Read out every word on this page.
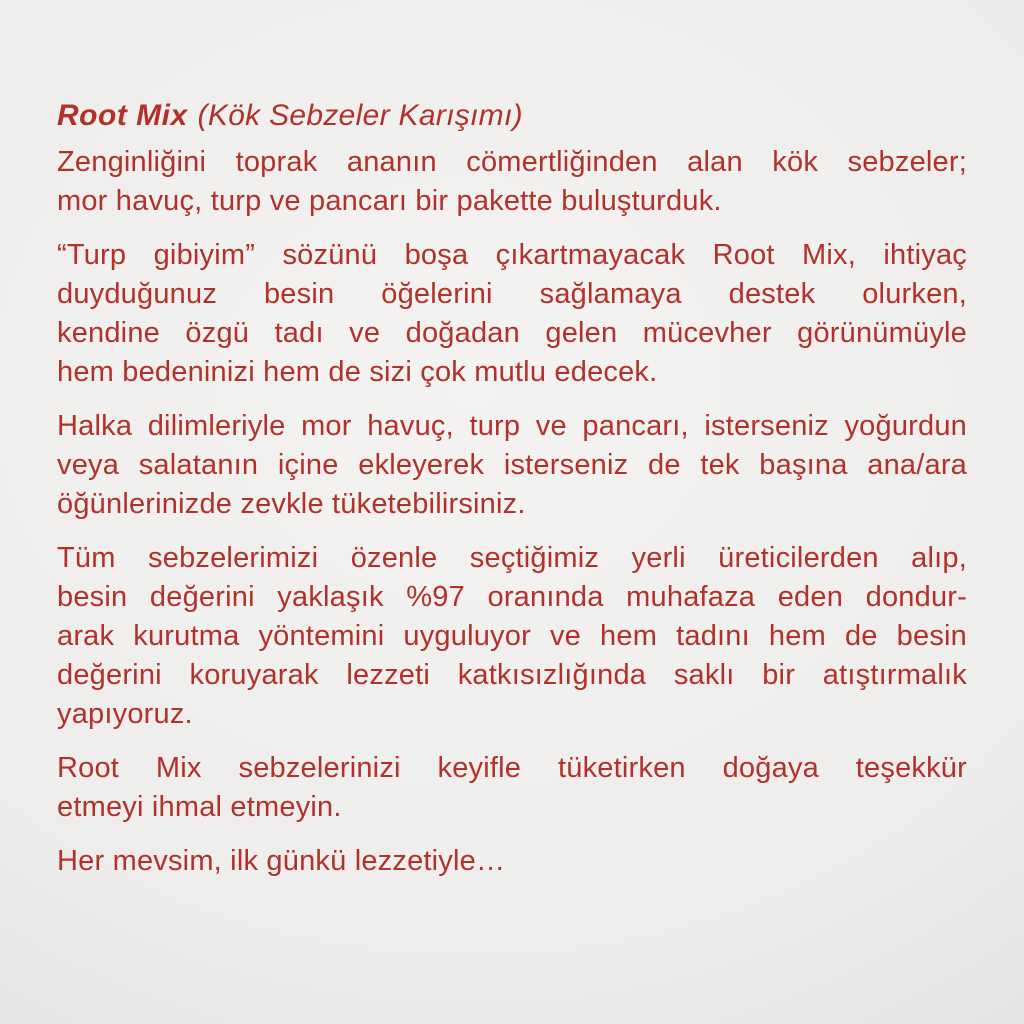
Root Mix (Kök Sebzeler Karışımı)

Zenginliğini toprak ananın cömertliğinden alan kök sebzeler;
mor havuç, turp ve pancarı bir pakette buluşturduk.

“Turp gibiyim” sözünü boşa çıkartmayacak Root Mix, ihtiyaç
duyduğunuz besin öğelerini sağlamaya destek olurken,
kendine özgü tadı ve doğadan gelen mücevher görünümüyle
hem bedeninizi hem de sizi çok mutlu edecek.

Halka dilimleriyle mor havuç, turp ve pancarı, isterseniz yoğurdun
veya salatanın içine ekleyerek isterseniz de tek başına ana/ara
öğünlerinizde zevkle tüketebilirsiniz.

Tüm sebzelerimizi özenle seçtiğimiz yerli üreticilerden alıp,
besin değerini yaklaşık %97 oranında muhafaza eden dondur-
arak kurutma yöntemini uyguluyor ve hem tadını hem de besin
değerini koruyarak lezzeti katkısızlığında saklı bir atıştırmalık
yapıyoruz.

Root Mix sebzelerinizi keyifle tüketirken doğaya teşekkür
etmeyi ihmal etmeyin.

Her mevsim, ilk günkü lezzetiyle…
